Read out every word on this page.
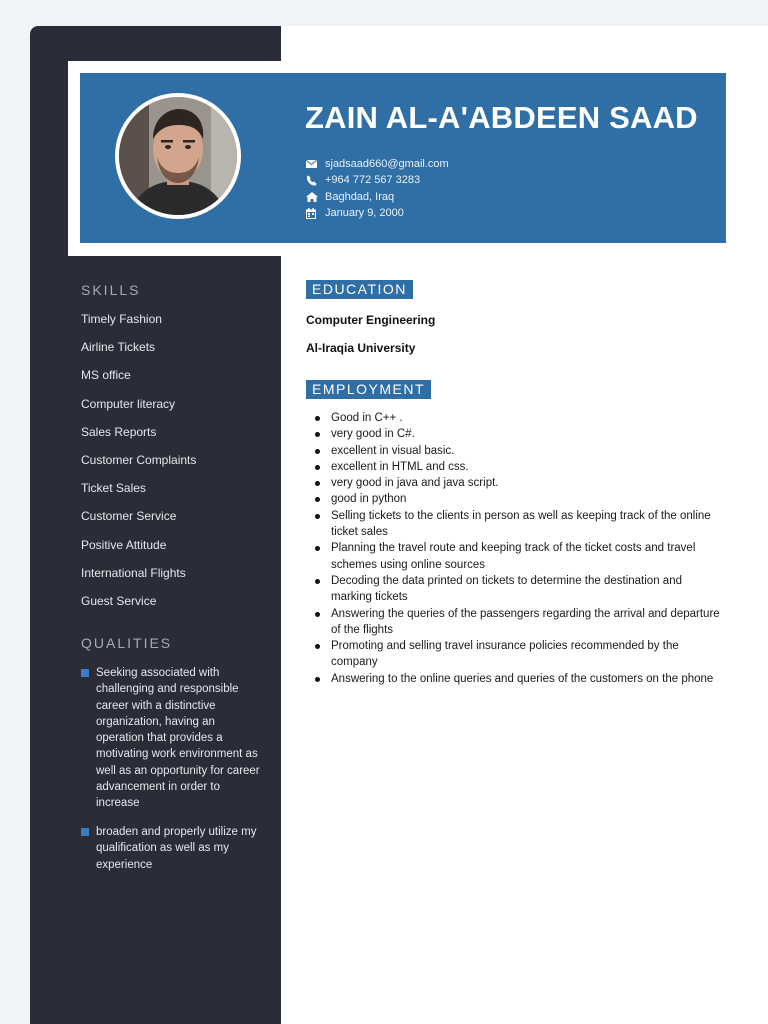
ZAIN AL-A'ABDEEN SAAD
sjadsaad660@gmail.com
+964 772 567 3283
Baghdad, Iraq
January 9, 2000
SKILLS
Timely Fashion
Airline Tickets
MS office
Computer literacy
Sales Reports
Customer Complaints
Ticket Sales
Customer Service
Positive Attitude
International Flights
Guest Service
QUALITIES
Seeking associated with challenging and responsible career with a distinctive organization, having an operation that provides a motivating work environment as well as an opportunity for career advancement in order to increase
broaden and properly utilize my qualification as well as my experience
EDUCATION
Computer Engineering
Al-Iraqia University
EMPLOYMENT
Good in C++ .
very good in C#.
excellent in visual basic.
excellent in HTML and css.
very good in java and java script.
good in python
Selling tickets to the clients in person as well as keeping track of the online ticket sales
Planning the travel route and keeping track of the ticket costs and travel schemes using online sources
Decoding the data printed on tickets to determine the destination and marking tickets
Answering the queries of the passengers regarding the arrival and departure of the flights
Promoting and selling travel insurance policies recommended by the company
Answering to the online queries and queries of the customers on the phone
